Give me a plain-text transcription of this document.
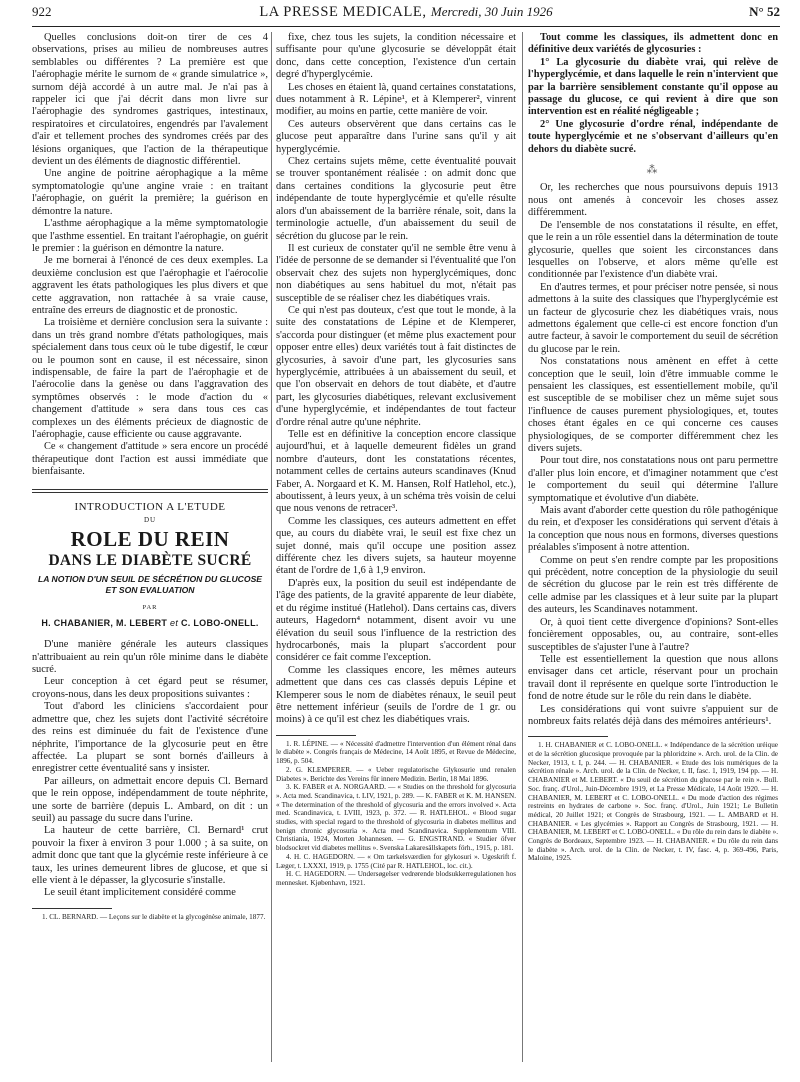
922	LA PRESSE MEDICALE, Mercredi, 30 Juin 1926	N° 52

Quelles conclusions doit-on tirer de ces 4 observations, prises au milieu de nombreuses autres semblables ou différentes ? La première est que l'aérophagie mérite le surnom de « grande simulatrice », surnom déjà accordé à un autre mal. Je n'ai pas à rappeler ici que j'ai décrit dans mon livre sur l'aérophagie des syndromes gastriques, intestinaux, respiratoires et circulatoires, engendrés par l'avalement d'air et tellement proches des syndromes créés par des lésions organiques, que l'action de la thérapeutique devient un des éléments de diagnostic différentiel.

Une angine de poitrine aérophagique a la même symptomatologie qu'une angine vraie : en traitant l'aérophagie, on guérit la première; la guérison en démontre la nature.

L'asthme aérophagique a la même symptomatologie que l'asthme essentiel. En traitant l'aérophagie, on guérit le premier : la guérison en démontre la nature.

Je me bornerai à l'énoncé de ces deux exemples. La deuxième conclusion est que l'aérophagie et l'aérocolie aggravent les états pathologiques les plus divers et que cette aggravation, non rattachée à sa vraie cause, entraîne des erreurs de diagnostic et de pronostic.

La troisième et dernière conclusion sera la suivante : dans un très grand nombre d'états pathologiques, mais spécialement dans tous ceux où le tube digestif, le cœur ou le poumon sont en cause, il est nécessaire, sinon indispensable, de faire la part de l'aérophagie et de l'aérocolie dans la genèse ou dans l'aggravation des symptômes observés : le mode d'action du « changement d'attitude » sera dans tous ces cas complexes un des éléments précieux de diagnostic de l'aérophagie, cause efficiente ou cause aggravante.

Ce « changement d'attitude » sera encore un procédé thérapeutique dont l'action est aussi immédiate que bienfaisante.

INTRODUCTION A L'ETUDE
DU
ROLE DU REIN
DANS LE DIABÈTE SUCRÉ
LA NOTION D'UN SEUIL DE SÉCRÉTION DU GLUCOSE ET SON EVALUATION
PAR
H. CHABANIER, M. LEBERT et C. LOBO-ONELL.

D'une manière générale les auteurs classiques n'attribuaient au rein qu'un rôle minime dans le diabète sucré.

Leur conception à cet égard peut se résumer, croyons-nous, dans les deux propositions suivantes :

Tout d'abord les cliniciens s'accordaient pour admettre que, chez les sujets dont l'activité sécrétoire des reins est diminuée du fait de l'existence d'une néphrite, l'importance de la glycosurie peut en être affectée. La plupart se sont bornés d'ailleurs à enregistrer cette éventualité sans y insister.

Par ailleurs, on admettait encore depuis Cl. Bernard que le rein oppose, indépendamment de toute néphrite, une sorte de barrière (depuis L. Ambard, on dit : un seuil) au passage du sucre dans l'urine.

La hauteur de cette barrière, Cl. Bernard¹ crut pouvoir la fixer à environ 3 pour 1.000 ; à sa suite, on admit donc que tant que la glycémie reste inférieure à ce taux, les urines demeurent libres de glucose, et que si elle vient à le dépasser, la glycosurie s'installe.

Le seuil étant implicitement considéré comme

1. CL. BERNARD. — Leçons sur le diabète et la glycogénèse animale, 1877.

fixe, chez tous les sujets, la condition nécessaire et suffisante pour qu'une glycosurie se développât était donc, dans cette conception, l'existence d'un certain degré d'hyperglycémie.

Les choses en étaient là, quand certaines constatations, dues notamment à R. Lépine¹, et à Klemperer², vinrent modifier, au moins en partie, cette manière de voir.

Ces auteurs observèrent que dans certains cas le glucose peut apparaître dans l'urine sans qu'il y ait hyperglycémie.

Chez certains sujets même, cette éventualité pouvait se trouver spontanément réalisée : on admit donc que dans certaines conditions la glycosurie peut être indépendante de toute hyperglycémie et qu'elle résulte alors d'un abaissement de la barrière rénale, soit, dans la terminologie actuelle, d'un abaissement du seuil de sécrétion du glucose par le rein.

Il est curieux de constater qu'il ne semble être venu à l'idée de personne de se demander si l'éventualité que l'on observait chez des sujets non hyperglycémiques, donc non diabétiques au sens habituel du mot, n'était pas susceptible de se réaliser chez les diabétiques vrais.

Ce qui n'est pas douteux, c'est que tout le monde, à la suite des constatations de Lépine et de Klemperer, s'accorda pour distinguer (et même plus exactement pour opposer entre elles) deux variétés tout à fait distinctes de glycosuries, à savoir d'une part, les glycosuries sans hyperglycémie, attribuées à un abaissement du seuil, et que l'on observait en dehors de tout diabète, et d'autre part, les glycosuries diabétiques, relevant exclusivement d'une hyperglycémie, et indépendantes de tout facteur d'ordre rénal autre qu'une néphrite.

Telle est en définitive la conception encore classique aujourd'hui, et à laquelle demeurent fidèles un grand nombre d'auteurs, dont les constatations récentes, notamment celles de certains auteurs scandinaves (Knud Faber, A. Norgaard et K. M. Hansen, Rolf Hatlehol, etc.), aboutissent, à leurs yeux, à un schéma très voisin de celui que nous venons de retracer³.

Comme les classiques, ces auteurs admettent en effet que, au cours du diabète vrai, le seuil est fixe chez un sujet donné, mais qu'il occupe une position assez différente chez les divers sujets, sa hauteur moyenne étant de l'ordre de 1,6 à 1,9 environ.

D'après eux, la position du seuil est indépendante de l'âge des patients, de la gravité apparente de leur diabète, et du régime institué (Hatlehol). Dans certains cas, divers auteurs, Hagedorn⁴ notamment, disent avoir vu une élévation du seuil sous l'influence de la restriction des hydrocarbonés, mais la plupart s'accordent pour considérer ce fait comme l'exception.

Comme les classiques encore, les mêmes auteurs admettent que dans ces cas classés depuis Lépine et Klemperer sous le nom de diabètes rénaux, le seuil peut être nettement inférieur (seuils de l'ordre de 1 gr. ou moins) à ce qu'il est chez les diabétiques vrais.

1. R. LÉPINE. — « Nécessité d'admettre l'intervention d'un élément rénal dans le diabète ». Congrès français de Médecine, 14 Août 1895, et Revue de Médecine, 1896, p. 504.

2. G. KLEMPERER. — « Ueber regulatorische Glykosurie und renalen Diabetes ». Berichte des Vereins für innere Medizin. Berlin, 18 Mai 1896.

3. K. FABER et A. NORGAARD. — « Studies on the threshold for glycosuria ». Acta med. Scandinavica, t. LIV, 1921, p. 289. — K. FABER et K. M. HANSEN. « The determination of the threshold of glycosuria and the errors involved ». Acta med. Scandinavica, t. LVIII, 1923, p. 372. — R. HATLEHOL. « Blood sugar studies, with special regard to the threshold of glycosuria in diabetes mellitus and benign chronic glycosuria ». Acta med Scandinavica. Supplementum VIII. Christiania, 1924, Morten Johannesen. — G. ENGSTRAND. « Studier öfver blodsockret vid diabetes mellitus ». Svenska Lakaresällskapets förh., 1915, p. 181.

4. H. C. HAGEDORN. — « Om tærkelsværdien for glykosuri ». Ugeskrift f. Læger, t. LXXXI, 1919, p. 1755 (Cité par R. HATLEHOL, loc. cit.).

H. C. HAGEDORN. — Undersøgelser vedrørende blodsukkerregulationen hos mennesket. Kjøbenhavn, 1921.

Tout comme les classiques, ils admettent donc en définitive deux variétés de glycosuries :

1° La glycosurie du diabète vrai, qui relève de l'hyperglycémie, et dans laquelle le rein n'intervient que par la barrière sensiblement constante qu'il oppose au passage du glucose, ce qui revient à dire que son intervention est en réalité négligeable ;

2° Une glycosurie d'ordre rénal, indépendante de toute hyperglycémie et ne s'observant d'ailleurs qu'en dehors du diabète sucré.

⁂

Or, les recherches que nous poursuivons depuis 1913 nous ont amenés à concevoir les choses assez différemment.

De l'ensemble de nos constatations il résulte, en effet, que le rein a un rôle essentiel dans la détermination de toute glycosurie, quelles que soient les circonstances dans lesquelles on l'observe, et alors même qu'elle est conditionnée par l'existence d'un diabète vrai.

En d'autres termes, et pour préciser notre pensée, si nous admettons à la suite des classiques que l'hyperglycémie est un facteur de glycosurie chez les diabétiques vrais, nous admettons également que celle-ci est encore fonction d'un autre facteur, à savoir le comportement du seuil de sécrétion du glucose par le rein.

Nos constatations nous amènent en effet à cette conception que le seuil, loin d'être immuable comme le pensaient les classiques, est essentiellement mobile, qu'il est susceptible de se mobiliser chez un même sujet sous l'influence de causes purement physiologiques, et, toutes choses étant égales en ce qui concerne ces causes physiologiques, de se comporter différemment chez les divers sujets.

Pour tout dire, nos constatations nous ont paru permettre d'aller plus loin encore, et d'imaginer notamment que c'est le comportement du seuil qui détermine l'allure symptomatique et évolutive d'un diabète.

Mais avant d'aborder cette question du rôle pathogénique du rein, et d'exposer les considérations qui servent d'étais à la conception que nous nous en formons, diverses questions préalables s'imposent à notre attention.

Comme on peut s'en rendre compte par les propositions qui précèdent, notre conception de la physiologie du seuil de sécrétion du glucose par le rein est très différente de celle admise par les classiques et à leur suite par la plupart des auteurs, les Scandinaves notamment.

Or, à quoi tient cette divergence d'opinions? Sont-elles foncièrement opposables, ou, au contraire, sont-elles susceptibles de s'ajuster l'une à l'autre?

Telle est essentiellement la question que nous allons envisager dans cet article, réservant pour un prochain travail dont il représente en quelque sorte l'introduction le fond de notre étude sur le rôle du rein dans le diabète.

Les considérations qui vont suivre s'appuient sur de nombreux faits relatés déjà dans des mémoires antérieurs¹.

1. H. CHABANIER et C. LOBO-ONELL. « Indépendance de la sécrétion uréique et de la sécrétion glucosique provoquée par la phloridzine ». Arch. urol. de la Clin. de Necker, 1913, t. I, p. 244. — H. CHABANIER. « Etude des lois numériques de la sécrétion rénale ». Arch. urol. de la Clin. de Necker, t. II, fasc. 1, 1919, 194 pp. — H. CHABANIER et M. LEBERT. « Du seuil de sécrétion du glucose par le rein ». Bull. Soc. franç. d'Urol., Juin-Décembre 1919, et La Presse Médicale, 14 Août 1920. — H. CHABANIER, M. LEBERT et C. LOBO-ONELL. « Du mode d'action des régimes restreints en hydrates de carbone ». Soc. franç. d'Urol., Juin 1921; Le Bulletin médical, 20 Juillet 1921; et Congrès de Strasbourg, 1921. — L. AMBARD et H. CHABANIER. « Les glycémies ». Rapport au Congrès de Strasbourg, 1921. — H. CHABANIER, M. LEBERT et C. LOBO-ONELL. « Du rôle du rein dans le diabète ». Congrès de Bordeaux, Septembre 1923. — H. CHABANIER. « Du rôle du rein dans le diabète ». Arch. urol. de la Clin. de Necker, t. IV, fasc. 4, p. 369-496, Paris, Maloine, 1925.
